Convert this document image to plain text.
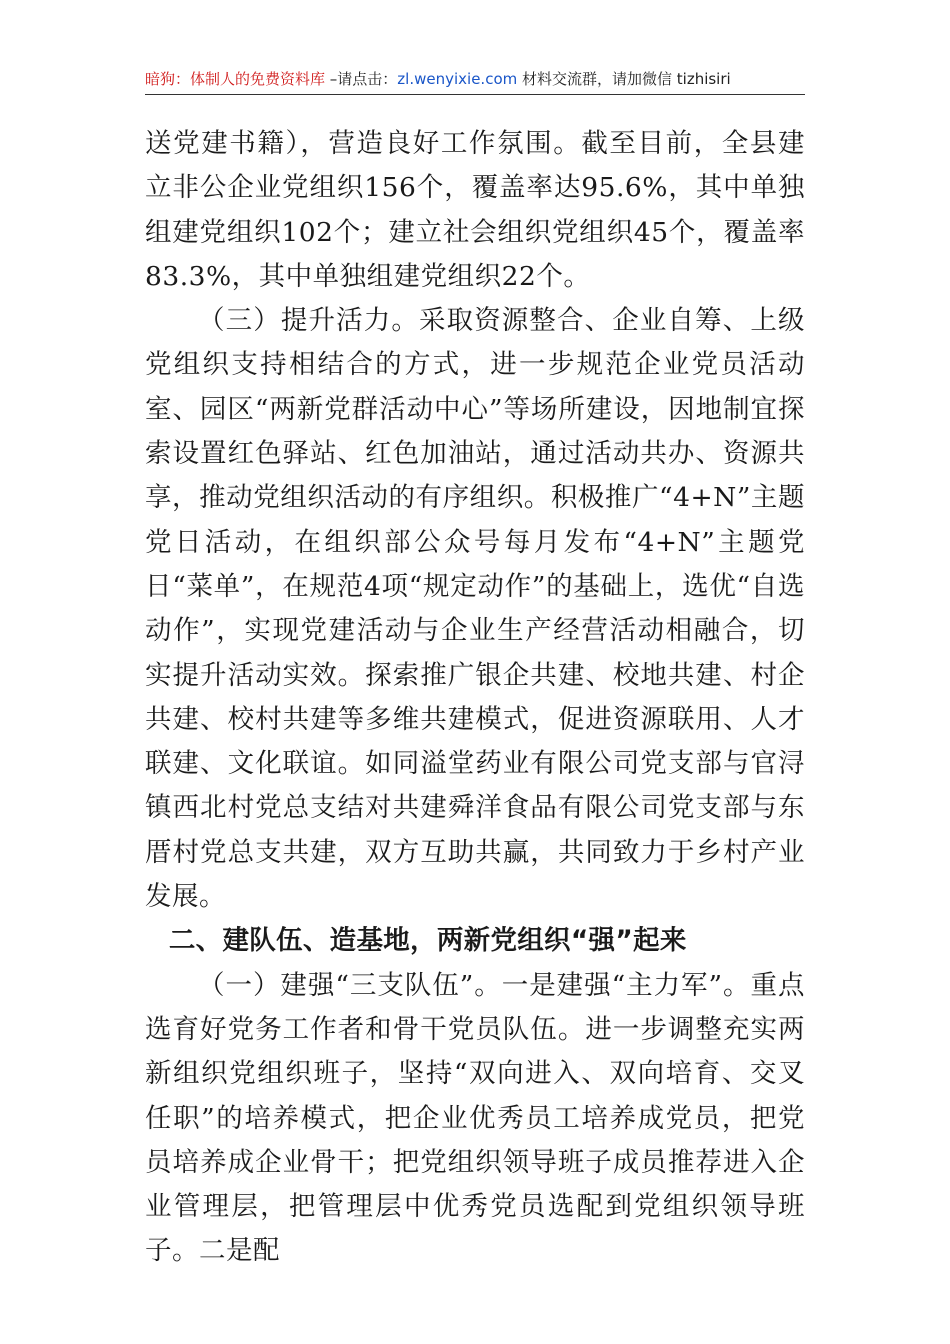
暗狗：体制人的免费资料库 –请点击：zl.wenyixie.com 材料交流群，请加微信 tizhisiri

送党建书籍），营造良好工作氛围。截至目前，全县建立非公企业党组织156个，覆盖率达95.6%，其中单独组建党组织102个；建立社会组织党组织45个，覆盖率83.3%，其中单独组建党组织22个。

（三）提升活力。采取资源整合、企业自筹、上级党组织支持相结合的方式，进一步规范企业党员活动室、园区“两新党群活动中心”等场所建设，因地制宜探索设置红色驿站、红色加油站，通过活动共办、资源共享，推动党组织活动的有序组织。积极推广“4+N”主题党日活动，在组织部公众号每月发布“4+N”主题党日“菜单”，在规范4项“规定动作”的基础上，选优“自选动作”，实现党建活动与企业生产经营活动相融合，切实提升活动实效。探索推广银企共建、校地共建、村企共建、校村共建等多维共建模式，促进资源联用、人才联建、文化联谊。如同溢堂药业有限公司党支部与官浔镇西北村党总支结对共建舜洋食品有限公司党支部与东厝村党总支共建，双方互助共赢，共同致力于乡村产业发展。

二、建队伍、造基地，两新党组织“强”起来

（一）建强“三支队伍”。一是建强“主力军”。重点选育好党务工作者和骨干党员队伍。进一步调整充实两新组织党组织班子，坚持“双向进入、双向培育、交叉任职”的培养模式，把企业优秀员工培养成党员，把党员培养成企业骨干；把党组织领导班子成员推荐进入企业管理层，把管理层中优秀党员选配到党组织领导班子。二是配
